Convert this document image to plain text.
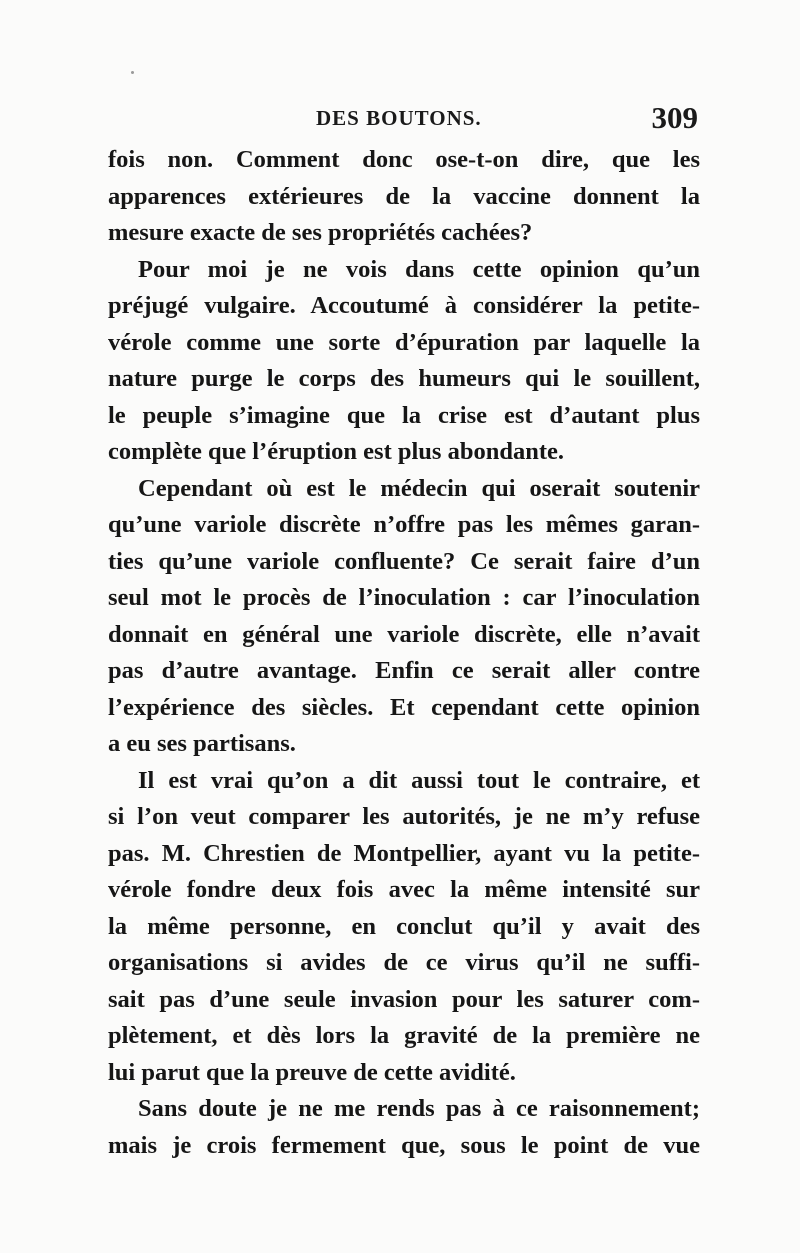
DES BOUTONS.	309
fois non. Comment donc ose-t-on dire, que les
apparences extérieures de la vaccine donnent la
mesure exacte de ses propriétés cachées?
Pour moi je ne vois dans cette opinion qu’un
préjugé vulgaire. Accoutumé à considérer la petite-
vérole comme une sorte d’épuration par laquelle la
nature purge le corps des humeurs qui le souillent,
le peuple s’imagine que la crise est d’autant plus
complète que l’éruption est plus abondante.
Cependant où est le médecin qui oserait soutenir
qu’une variole discrète n’offre pas les mêmes garan-
ties qu’une variole confluente? Ce serait faire d’un
seul mot le procès de l’inoculation : car l’inoculation
donnait en général une variole discrète, elle n’avait
pas d’autre avantage. Enfin ce serait aller contre
l’expérience des siècles. Et cependant cette opinion
a eu ses partisans.
Il est vrai qu’on a dit aussi tout le contraire, et
si l’on veut comparer les autorités, je ne m’y refuse
pas. M. Chrestien de Montpellier, ayant vu la petite-
vérole fondre deux fois avec la même intensité sur
la même personne, en conclut qu’il y avait des
organisations si avides de ce virus qu’il ne suffi-
sait pas d’une seule invasion pour les saturer com-
plètement, et dès lors la gravité de la première ne
lui parut que la preuve de cette avidité.
Sans doute je ne me rends pas à ce raisonnement;
mais je crois fermement que, sous le point de vue
